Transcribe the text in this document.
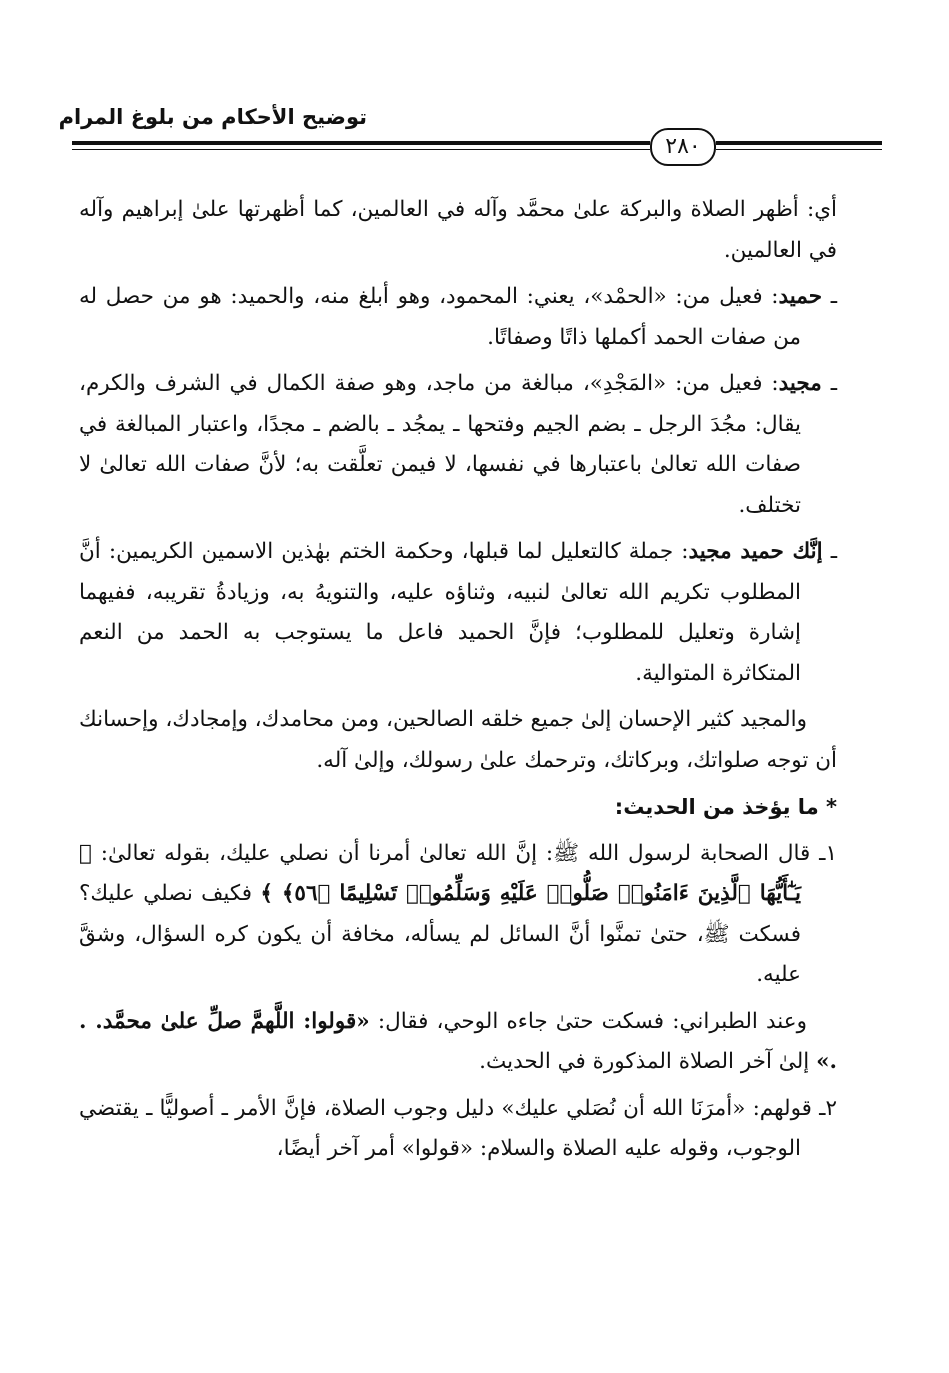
توضيح الأحكام من بلوغ المرام
٢٨٠

أي: أظهر الصلاة والبركة علىٰ محمَّد وآله في العالمين، كما أظهرتها علىٰ إبراهيم وآله في العالمين.

ـ حميد: فعيل من: «الحمْد»، يعني: المحمود، وهو أبلغ منه، والحميد: هو من حصل له من صفات الحمد أكملها ذاتًا وصفاتًا.

ـ مجيد: فعيل من: «المَجْدِ»، مبالغة من ماجد، وهو صفة الكمال في الشرف والكرم، يقال: مجُدَ الرجل ـ بضم الجيم وفتحها ـ يمجُد ـ بالضم ـ مجدًا، واعتبار المبالغة في صفات الله تعالىٰ باعتبارها في نفسها، لا فيمن تعلَّقت به؛ لأنَّ صفات الله تعالىٰ لا تختلف.

ـ إنَّك حميد مجيد: جملة كالتعليل لما قبلها، وحكمة الختم بهٰذين الاسمين الكريمين: أنَّ المطلوب تكريم الله تعالىٰ لنبيه، وثناؤه عليه، والتنويهُ به، وزيادةُ تقريبه، ففيهما إشارة وتعليل للمطلوب؛ فإنَّ الحميد فاعل ما يستوجب به الحمد من النعم المتكاثرة المتوالية.

والمجيد كثير الإحسان إلىٰ جميع خلقه الصالحين، ومن محامدك، وإمجادك، وإحسانك أن توجه صلواتك، وبركاتك، وترحمك علىٰ رسولك، وإلىٰ آله.

* ما يؤخذ من الحديث:

١ـ قال الصحابة لرسول الله ﷺ: إنَّ الله تعالىٰ أمرنا أن نصلي عليك، بقوله تعالىٰ: ﴿ يَـٰٓأَيُّهَا ٱلَّذِينَ ءَامَنُوا۟ صَلُّوا۟ عَلَيْهِ وَسَلِّمُوا۟ تَسْلِيمًا ﴿٥٦﴾ ﴾ فكيف نصلي عليك؟ فسكت ﷺ، حتىٰ تمنَّوا أنَّ السائل لم يسأله، مخافة أن يكون كره السؤال، وشقَّ عليه.

وعند الطبراني: فسكت حتىٰ جاءه الوحي، فقال: «قولوا: اللَّهمَّ صلِّ علىٰ محمَّد. . .» إلىٰ آخر الصلاة المذكورة في الحديث.

٢ـ قولهم: «أمرَنَا الله أن نُصَلي عليك» دليل وجوب الصلاة، فإنَّ الأمر ـ أصوليًّا ـ يقتضي الوجوب، وقوله عليه الصلاة والسلام: «قولوا» أمر آخر أيضًا،
